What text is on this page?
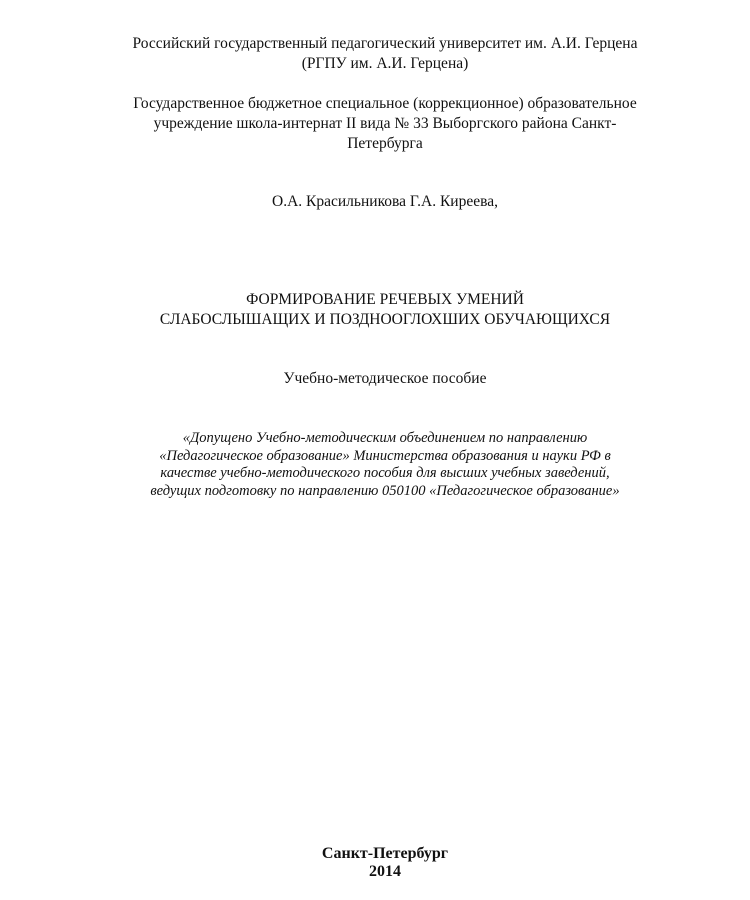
Российский государственный педагогический университет им. А.И. Герцена
(РГПУ им. А.И. Герцена)
Государственное бюджетное специальное (коррекционное) образовательное
учреждение школа-интернат II вида № 33 Выборгского района Санкт-
Петербурга
О.А. Красильникова Г.А. Киреева,
ФОРМИРОВАНИЕ РЕЧЕВЫХ УМЕНИЙ
СЛАБОСЛЫШАЩИХ И ПОЗДНООГЛОХШИХ ОБУЧАЮЩИХСЯ
Учебно-методическое пособие
«Допущено Учебно-методическим объединением по направлению
«Педагогическое образование» Министерства образования и науки РФ в
качестве учебно-методического пособия для высших учебных заведений,
ведущих подготовку по направлению 050100 «Педагогическое образование»
Санкт-Петербург
2014
